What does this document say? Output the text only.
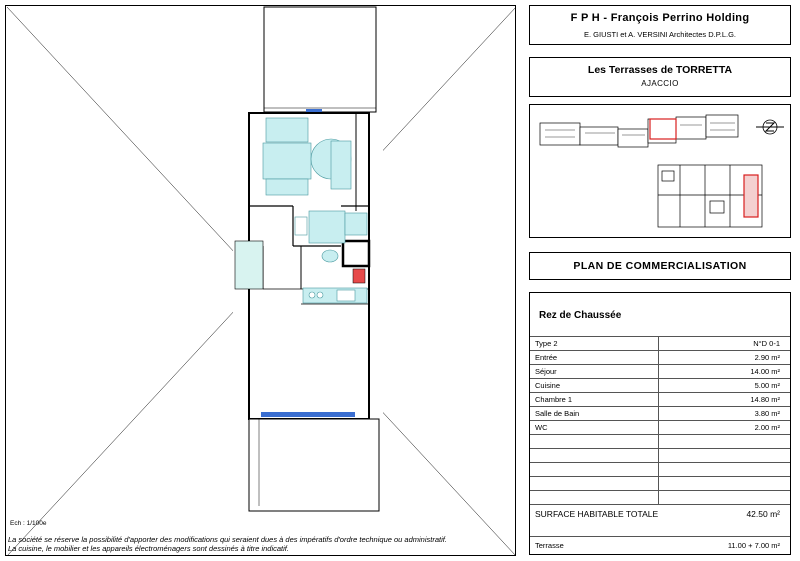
Ech : 1/100e
La société se réserve la possibilité d'apporter des modifications qui seraient dues à des impératifs d'ordre technique ou administratif.
La cuisine, le mobilier et les appareils électroménagers sont dessinés à titre indicatif.
F P H - François Perrino Holding
E. GIUSTI et A. VERSINI Architectes D.P.L.G.
Les Terrasses de TORRETTA
AJACCIO
PLAN DE COMMERCIALISATION
Rez de Chaussée
Type 2	N°D 0-1
Entrée	2.90 m²
Séjour	14.00 m²
Cuisine	5.00 m²
Chambre 1	14.80 m²
Salle de Bain	3.80 m²
WC	2.00 m²
SURFACE HABITABLE TOTALE	42.50 m²
Terrasse	11.00 + 7.00 m²
